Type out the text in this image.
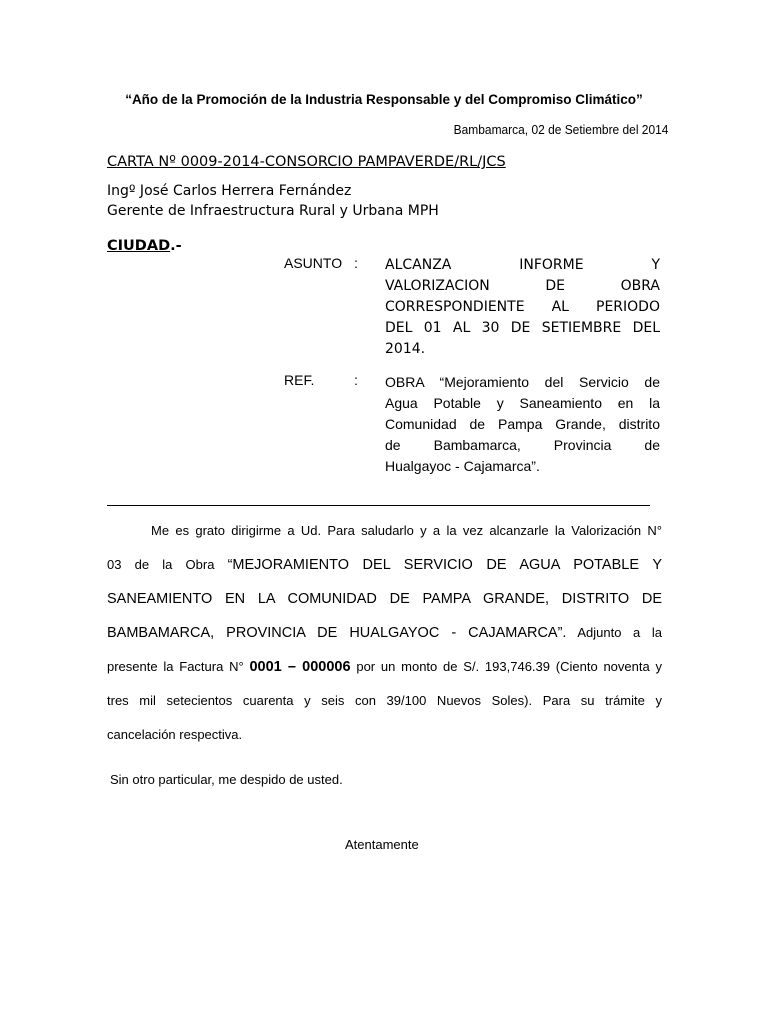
“Año de la Promoción de la Industria Responsable y del Compromiso Climático”
Bambamarca, 02 de Setiembre del 2014
CARTA Nº 0009-2014-CONSORCIO PAMPAVERDE/RL/JCS
Ingº José Carlos Herrera Fernández
Gerente de Infraestructura Rural y Urbana MPH
CIUDAD.-
ASUNTO : ALCANZA INFORME Y
VALORIZACION DE OBRA
CORRESPONDIENTE AL PERIODO
DEL 01 AL 30 DE SETIEMBRE DEL
2014.
REF.	: OBRA “Mejoramiento del Servicio de
Agua Potable y Saneamiento en la
Comunidad de Pampa Grande, distrito
de Bambamarca, Provincia de
Hualgayoc - Cajamarca”.
Me es grato dirigirme a Ud. Para saludarlo y a la vez alcanzarle la Valorización N°
03 de la Obra “MEJORAMIENTO DEL SERVICIO DE AGUA POTABLE Y
SANEAMIENTO EN LA COMUNIDAD DE PAMPA GRANDE, DISTRITO DE
BAMBAMARCA, PROVINCIA DE HUALGAYOC - CAJAMARCA”. Adjunto a la
presente la Factura N° 0001 – 000006 por un monto de S/. 193,746.39 (Ciento noventa y
tres mil setecientos cuarenta y seis con 39/100 Nuevos Soles). Para su trámite y
cancelación respectiva.
Sin otro particular, me despido de usted.
Atentamente
